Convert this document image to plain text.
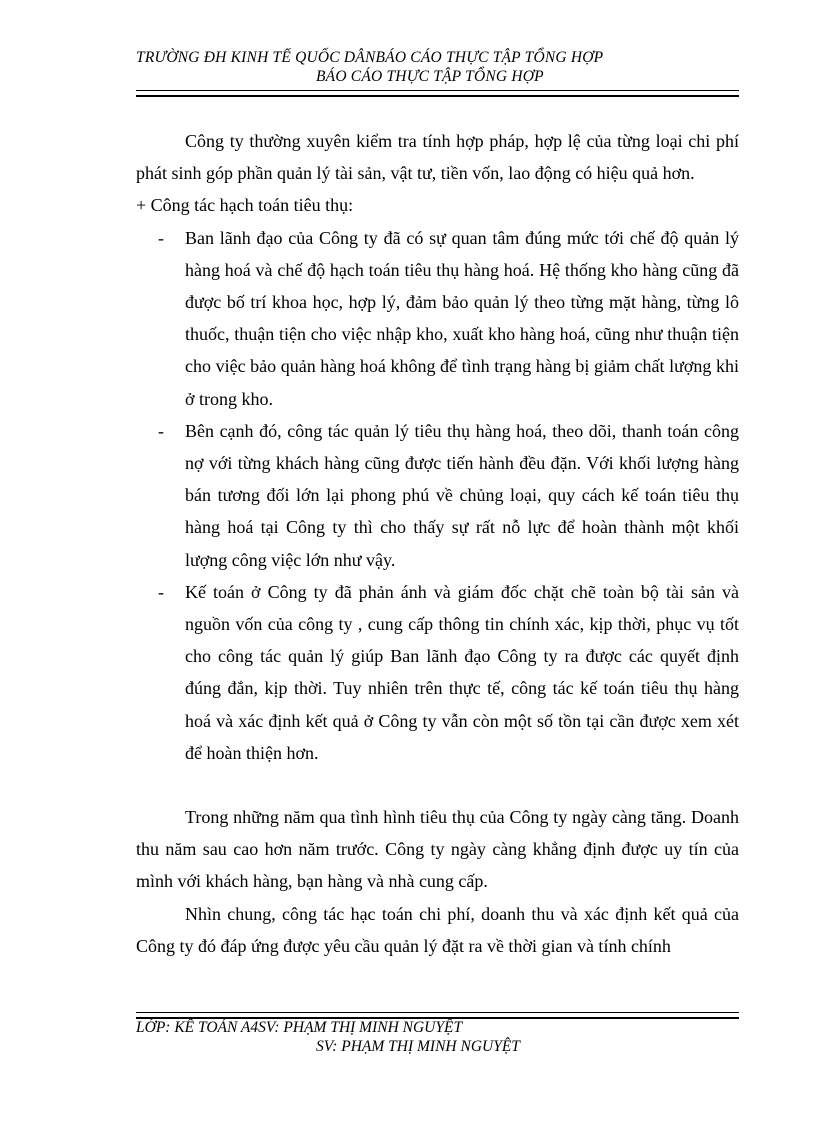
TRƯỜNG ĐH KINH TẾ QUỐC DÂNBÁO CÁO THỰC TẬP TỔNG HỢP
BÁO CÁO THỰC TẬP TỔNG HỢP

Công ty thường xuyên kiểm tra tính hợp pháp, hợp lệ của từng loại chi phí phát sinh góp phần quản lý tài sản, vật tư, tiền vốn, lao động có hiệu quả hơn.

+ Công tác hạch toán tiêu thụ:

- Ban lãnh đạo của Công ty đã có sự quan tâm đúng mức tới chế độ quản lý hàng hoá và chế độ hạch toán tiêu thụ hàng hoá. Hệ thống kho hàng cũng đã được bố trí khoa học, hợp lý, đảm bảo quản lý theo từng mặt hàng, từng lô thuốc, thuận tiện cho việc nhập kho, xuất kho hàng hoá, cũng như thuận tiện cho việc bảo quản hàng hoá không để tình trạng hàng bị giảm chất lượng khi ở trong kho.

- Bên cạnh đó, công tác quản lý tiêu thụ hàng hoá, theo dõi, thanh toán công nợ với từng khách hàng cũng được tiến hành đều đặn. Với khối lượng hàng bán tương đối lớn lại phong phú về chủng loại, quy cách kế toán tiêu thụ hàng hoá tại Công ty thì cho thấy sự rất nỗ lực để hoàn thành một khối lượng công việc lớn như vậy.

- Kế toán ở Công ty đã phản ánh và giám đốc chặt chẽ toàn bộ tài sản và nguồn vốn của công ty , cung cấp thông tin chính xác, kịp thời, phục vụ tốt cho công tác quản lý giúp Ban lãnh đạo Công ty ra được các quyết định đúng đắn, kịp thời. Tuy nhiên trên thực tế, công tác kế toán tiêu thụ hàng hoá và xác định kết quả ở Công ty vẫn còn một số tồn tại cần được xem xét để hoàn thiện hơn.

Trong những năm qua tình hình tiêu thụ của Công ty ngày càng tăng. Doanh thu năm sau cao hơn năm trước. Công ty ngày càng khẳng định được uy tín của mình với khách hàng, bạn hàng và nhà cung cấp.

Nhìn chung, công tác hạc toán chi phí, doanh thu và xác định kết quả của Công ty đó đáp ứng được yêu cầu quản lý đặt ra về thời gian và tính chính

LỚP: KẾ TOÁN A4SV: PHẠM THỊ MINH NGUYỆT
SV: PHẠM THỊ MINH NGUYỆT
